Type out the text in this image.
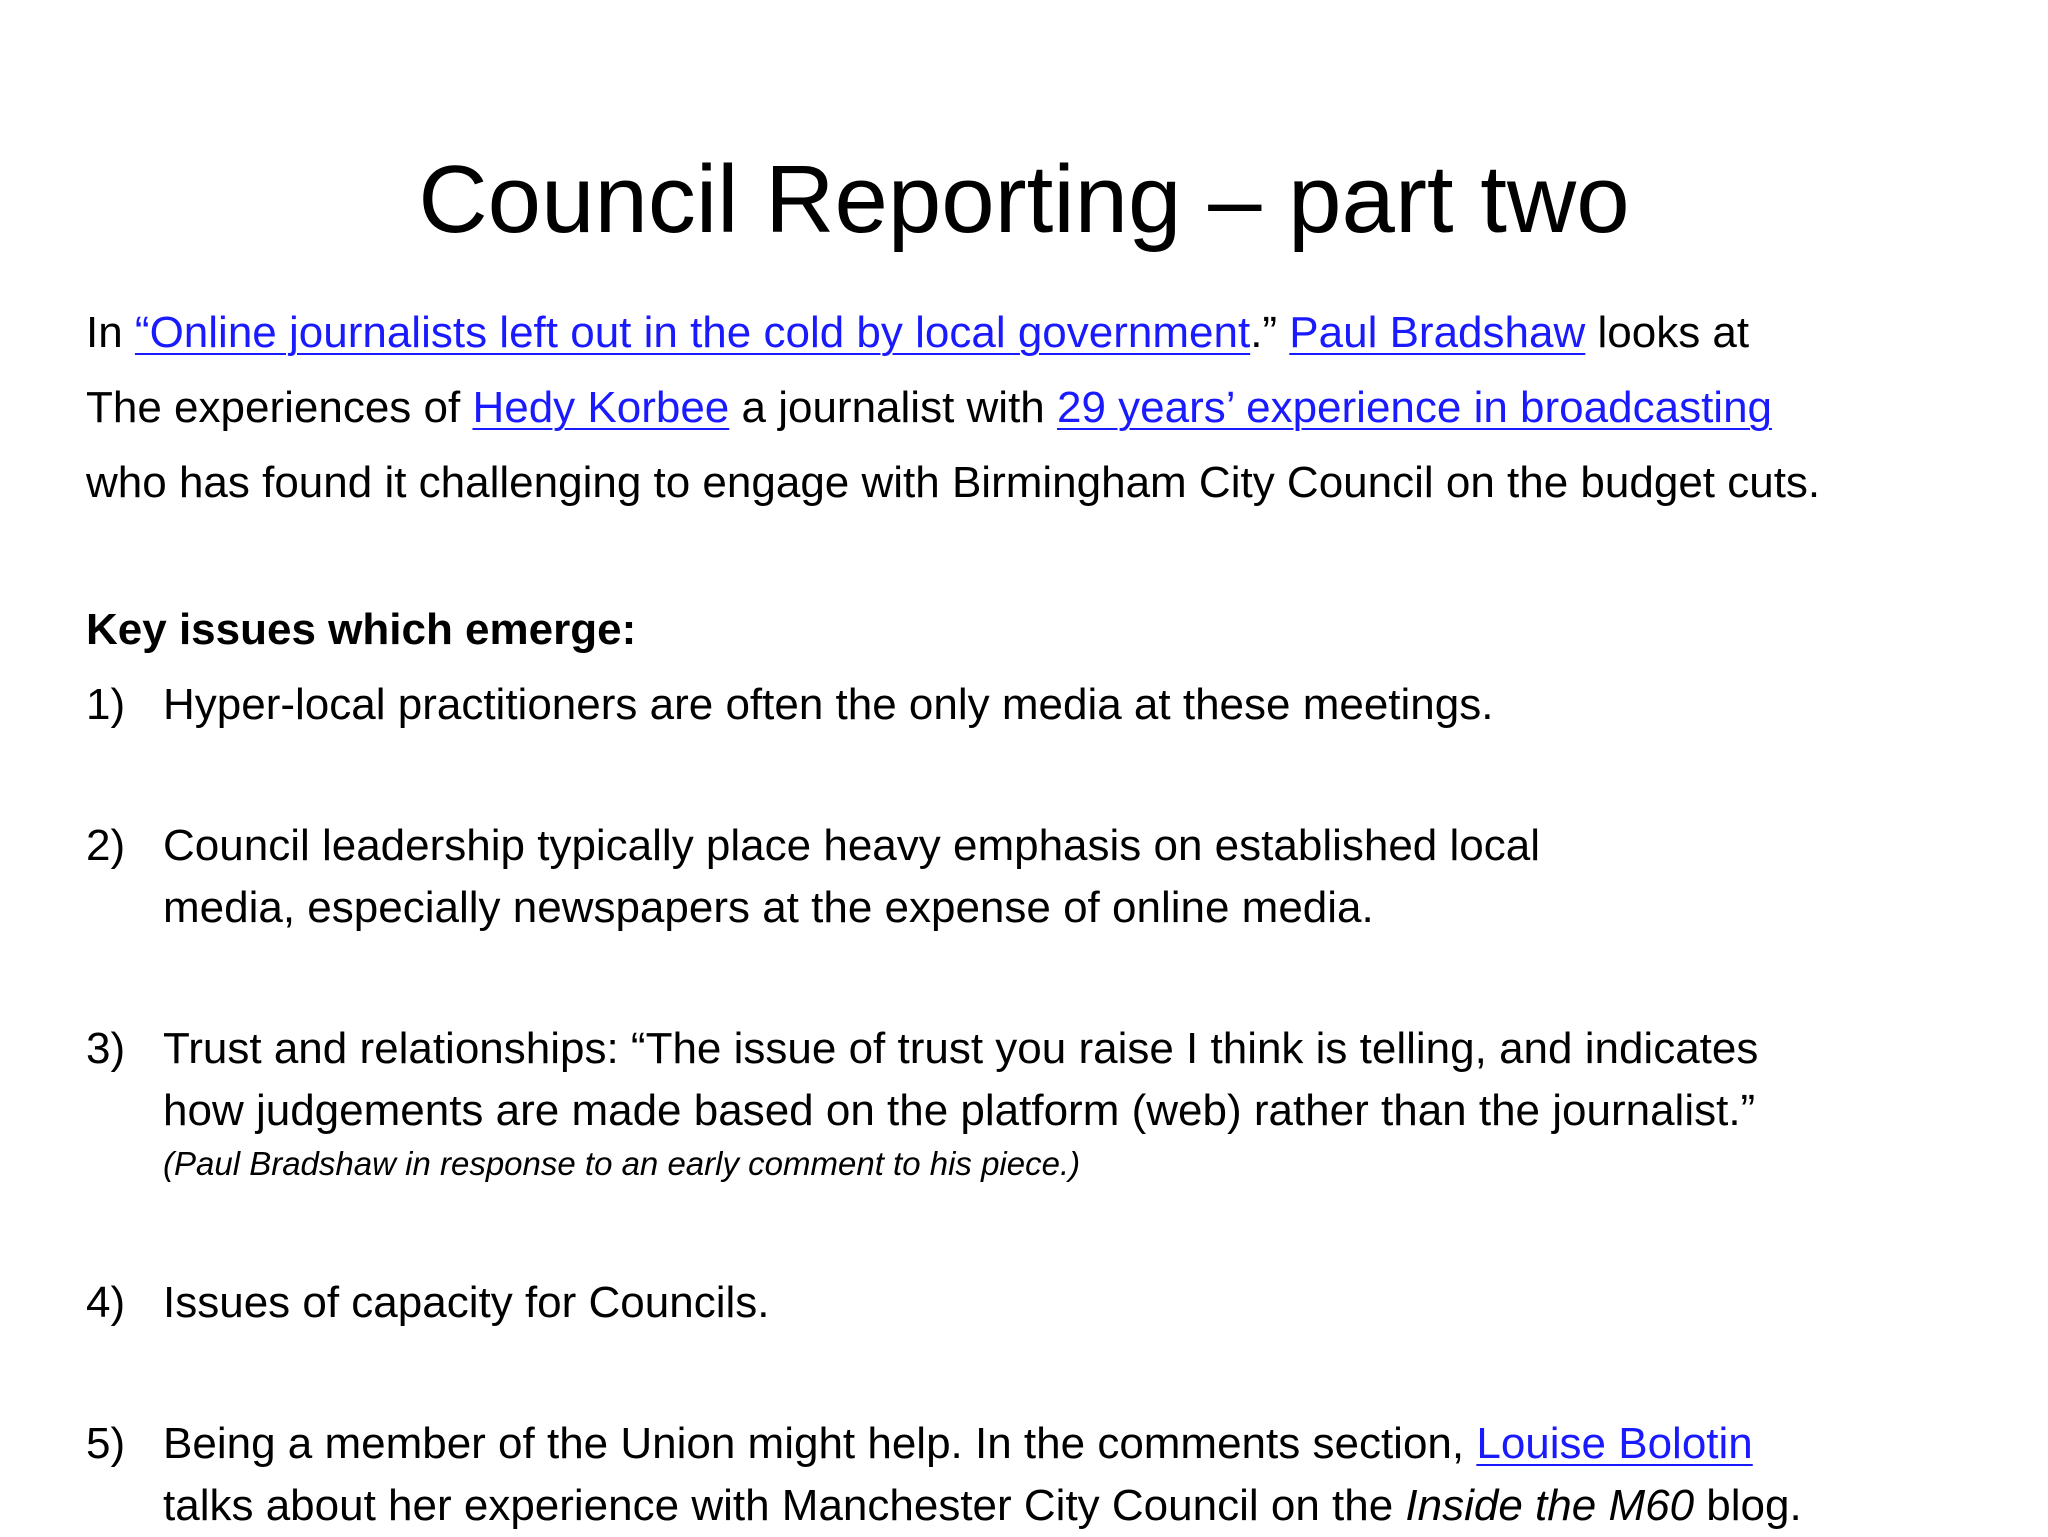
Council Reporting – part two

In “Online journalists left out in the cold by local government.” Paul Bradshaw looks at

The experiences of Hedy Korbee a journalist with 29 years’ experience in broadcasting

who has found it challenging to engage with Birmingham City Council on the budget cuts.

Key issues which emerge:
1) Hyper-local practitioners are often the only media at these meetings.
2) Council leadership typically place heavy emphasis on established local
media, especially newspapers at the expense of online media.
3) Trust and relationships: “The issue of trust you raise I think is telling, and indicates
how judgements are made based on the platform (web) rather than the journalist.”
(Paul Bradshaw in response to an early comment to his piece.)
4) Issues of capacity for Councils.
5) Being a member of the Union might help. In the comments section, Louise Bolotin
talks about her experience with Manchester City Council on the Inside the M60 blog.
